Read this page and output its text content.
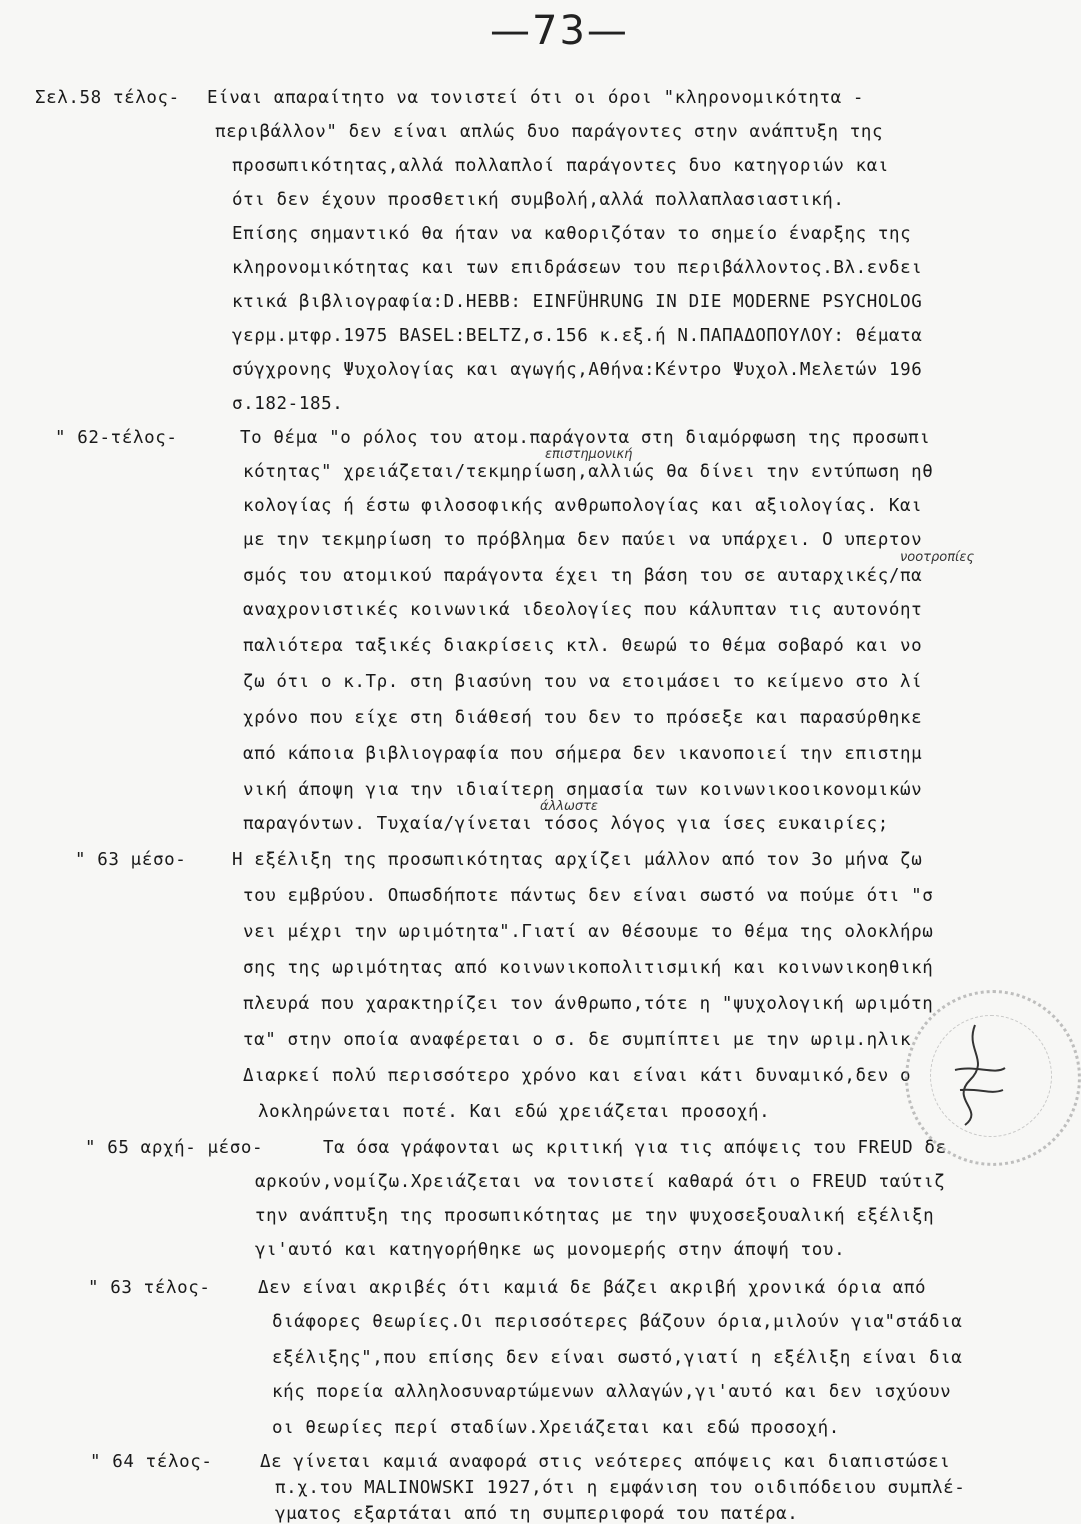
—73—
Σελ.58 τέλος- Είναι απαραίτητο να τονιστεί ότι οι όροι "κληρονομικότητα -
περιβάλλον" δεν είναι απλώς δυο παράγοντες στην ανάπτυξη της
προσωπικότητας,αλλά πολλαπλοί παράγοντες δυο κατηγοριών και
ότι δεν έχουν προσθετική συμβολή,αλλά πολλαπλασιαστική.
Επίσης σημαντικό θα ήταν να καθοριζόταν το σημείο έναρξης της
κληρονομικότητας και των επιδράσεων του περιβάλλοντος.Βλ.ενδει
κτικά βιβλιογραφία:D.HEBB: EINFÜHRUNG IN DIE MODERNE PSYCHOLOG
γερμ.μτφρ.1975 BASEL:BELTZ,σ.156 κ.εξ.ή Ν.ΠΑΠΑΔΟΠΟΥΛΟΥ: θέματα
σύγχρονης Ψυχολογίας και αγωγής,Αθήνα:Κέντρο Ψυχολ.Μελετών 196
σ.182-185.
" 62-τέλος-	Το θέμα "ο ρόλος του ατομ.παράγοντα στη διαμόρφωση της προσωπι
επιστημονική
κότητας" χρειάζεται/τεκμηρίωση,αλλιώς θα δίνει την εντύπωση ηθ
κολογίας ή έστω φιλοσοφικής ανθρωπολογίας και αξιολογίας. Και
με την τεκμηρίωση το πρόβλημα δεν παύει να υπάρχει. Ο υπερτον
νοοτροπίες
σμός του ατομικού παράγοντα έχει τη βάση του σε αυταρχικές/πα
αναχρονιστικές κοινωνικά ιδεολογίες που κάλυπταν τις αυτονόητ
παλιότερα ταξικές διακρίσεις κτλ. Θεωρώ το θέμα σοβαρό και νο
ζω ότι ο κ.Τρ. στη βιασύνη του να ετοιμάσει το κείμενο στο λί
χρόνο που είχε στη διάθεσή του δεν το πρόσεξε και παρασύρθηκε
από κάποια βιβλιογραφία που σήμερα δεν ικανοποιεί την επιστημ
νική άποψη για την ιδιαίτερη σημασία των κοινωνικοοικονομικών
άλλωστε
παραγόντων. Τυχαία/γίνεται τόσος λόγος για ίσες ευκαιρίες;
" 63 μέσο-	Η εξέλιξη της προσωπικότητας αρχίζει μάλλον από τον 3ο μήνα ζω
του εμβρύου. Οπωσδήποτε πάντως δεν είναι σωστό να πούμε ότι "σ
νει μέχρι την ωριμότητα".Γιατί αν θέσουμε το θέμα της ολοκλήρω
σης της ωριμότητας από κοινωνικοπολιτισμική και κοινωνικοηθική
πλευρά που χαρακτηρίζει τον άνθρωπο,τότε η "ψυχολογική ωριμότη
τα" στην οποία αναφέρεται ο σ. δε συμπίπτει με την ωριμ.ηλικ
Διαρκεί πολύ περισσότερο χρόνο και είναι κάτι δυναμικό,δεν ο
λοκληρώνεται ποτέ. Και εδώ χρειάζεται προσοχή.
" 65 αρχή- μέσο-	Τα όσα γράφονται ως κριτική για τις απόψεις του FREUD δε
αρκούν,νομίζω.Χρειάζεται να τονιστεί καθαρά ότι ο FREUD ταύτιζ
την ανάπτυξη της προσωπικότητας με την ψυχοσεξουαλική εξέλιξη
γι'αυτό και κατηγορήθηκε ως μονομερής στην άποψή του.
" 63 τέλος-	Δεν είναι ακριβές ότι καμιά δε βάζει ακριβή χρονικά όρια από
διάφορες θεωρίες.Οι περισσότερες βάζουν όρια,μιλούν για"στάδια
εξέλιξης",που επίσης δεν είναι σωστό,γιατί η εξέλιξη είναι δια
κής πορεία αλληλοσυναρτώμενων αλλαγών,γι'αυτό και δεν ισχύουν
οι θεωρίες περί σταδίων.Χρειάζεται και εδώ προσοχή.
" 64 τέλος-	Δε γίνεται καμιά αναφορά στις νεότερες απόψεις και διαπιστώσει
π.χ.του MALINOWSKI 1927,ότι η εμφάνιση του οιδιπόδειου συμπλέ-
γματος εξαρτάται από τη συμπεριφορά του πατέρα.
